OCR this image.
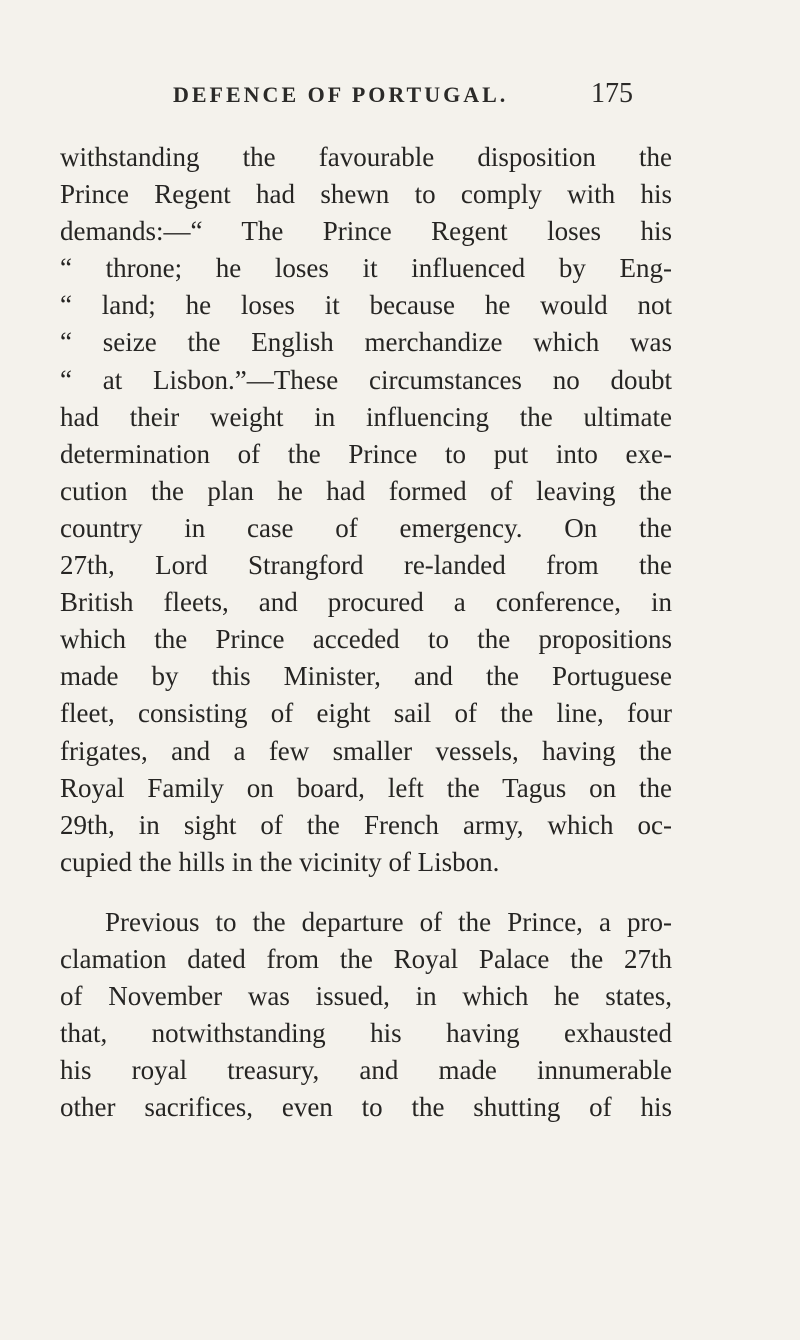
DEFENCE OF PORTUGAL.	175
withstanding the favourable disposition the
Prince Regent had shewn to comply with his
demands:—“ The Prince Regent loses his
“ throne; he loses it influenced by Eng-
“ land; he loses it because he would not
“ seize the English merchandize which was
“ at Lisbon.”—These circumstances no doubt
had their weight in influencing the ultimate
determination of the Prince to put into exe-
cution the plan he had formed of leaving the
country in case of emergency. On the
27th, Lord Strangford re-landed from the
British fleets, and procured a conference, in
which the Prince acceded to the propositions
made by this Minister, and the Portuguese
fleet, consisting of eight sail of the line, four
frigates, and a few smaller vessels, having the
Royal Family on board, left the Tagus on the
29th, in sight of the French army, which oc-
cupied the hills in the vicinity of Lisbon.
Previous to the departure of the Prince, a pro-
clamation dated from the Royal Palace the 27th
of November was issued, in which he states,
that, notwithstanding his having exhausted
his royal treasury, and made innumerable
other sacrifices, even to the shutting of his
